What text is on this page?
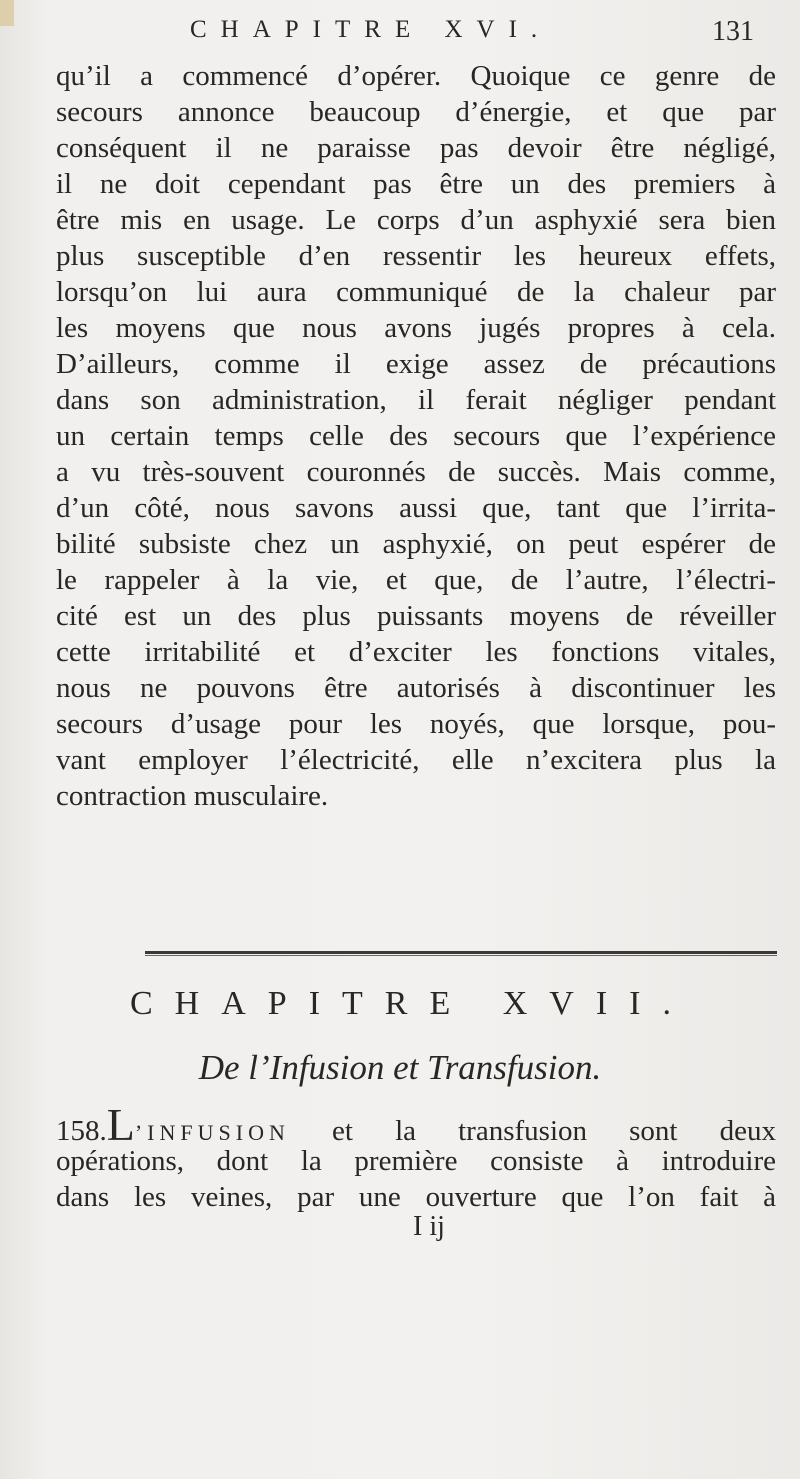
CHAPITRE XVI.	131
qu’il a commencé d’opérer. Quoique ce genre de
secours annonce beaucoup d’énergie, et que par
conséquent il ne paraisse pas devoir être négligé,
il ne doit cependant pas être un des premiers à
être mis en usage. Le corps d’un asphyxié sera bien
plus susceptible d’en ressentir les heureux effets,
lorsqu’on lui aura communiqué de la chaleur par
les moyens que nous avons jugés propres à cela.
D’ailleurs, comme il exige assez de précautions
dans son administration, il ferait négliger pendant
un certain temps celle des secours que l’expérience
a vu très-souvent couronnés de succès. Mais comme,
d’un côté, nous savons aussi que, tant que l’irrita-
bilité subsiste chez un asphyxié, on peut espérer de
le rappeler à la vie, et que, de l’autre, l’électri-
cité est un des plus puissants moyens de réveiller
cette irritabilité et d’exciter les fonctions vitales,
nous ne pouvons être autorisés à discontinuer les
secours d’usage pour les noyés, que lorsque, pou-
vant employer l’électricité, elle n’excitera plus la
contraction musculaire.
CHAPITRE XVII.
De l’Infusion et Transfusion.
158.L’INFUSION et la transfusion sont deux
opérations, dont la première consiste à introduire
dans les veines, par une ouverture que l’on fait à
I ij
